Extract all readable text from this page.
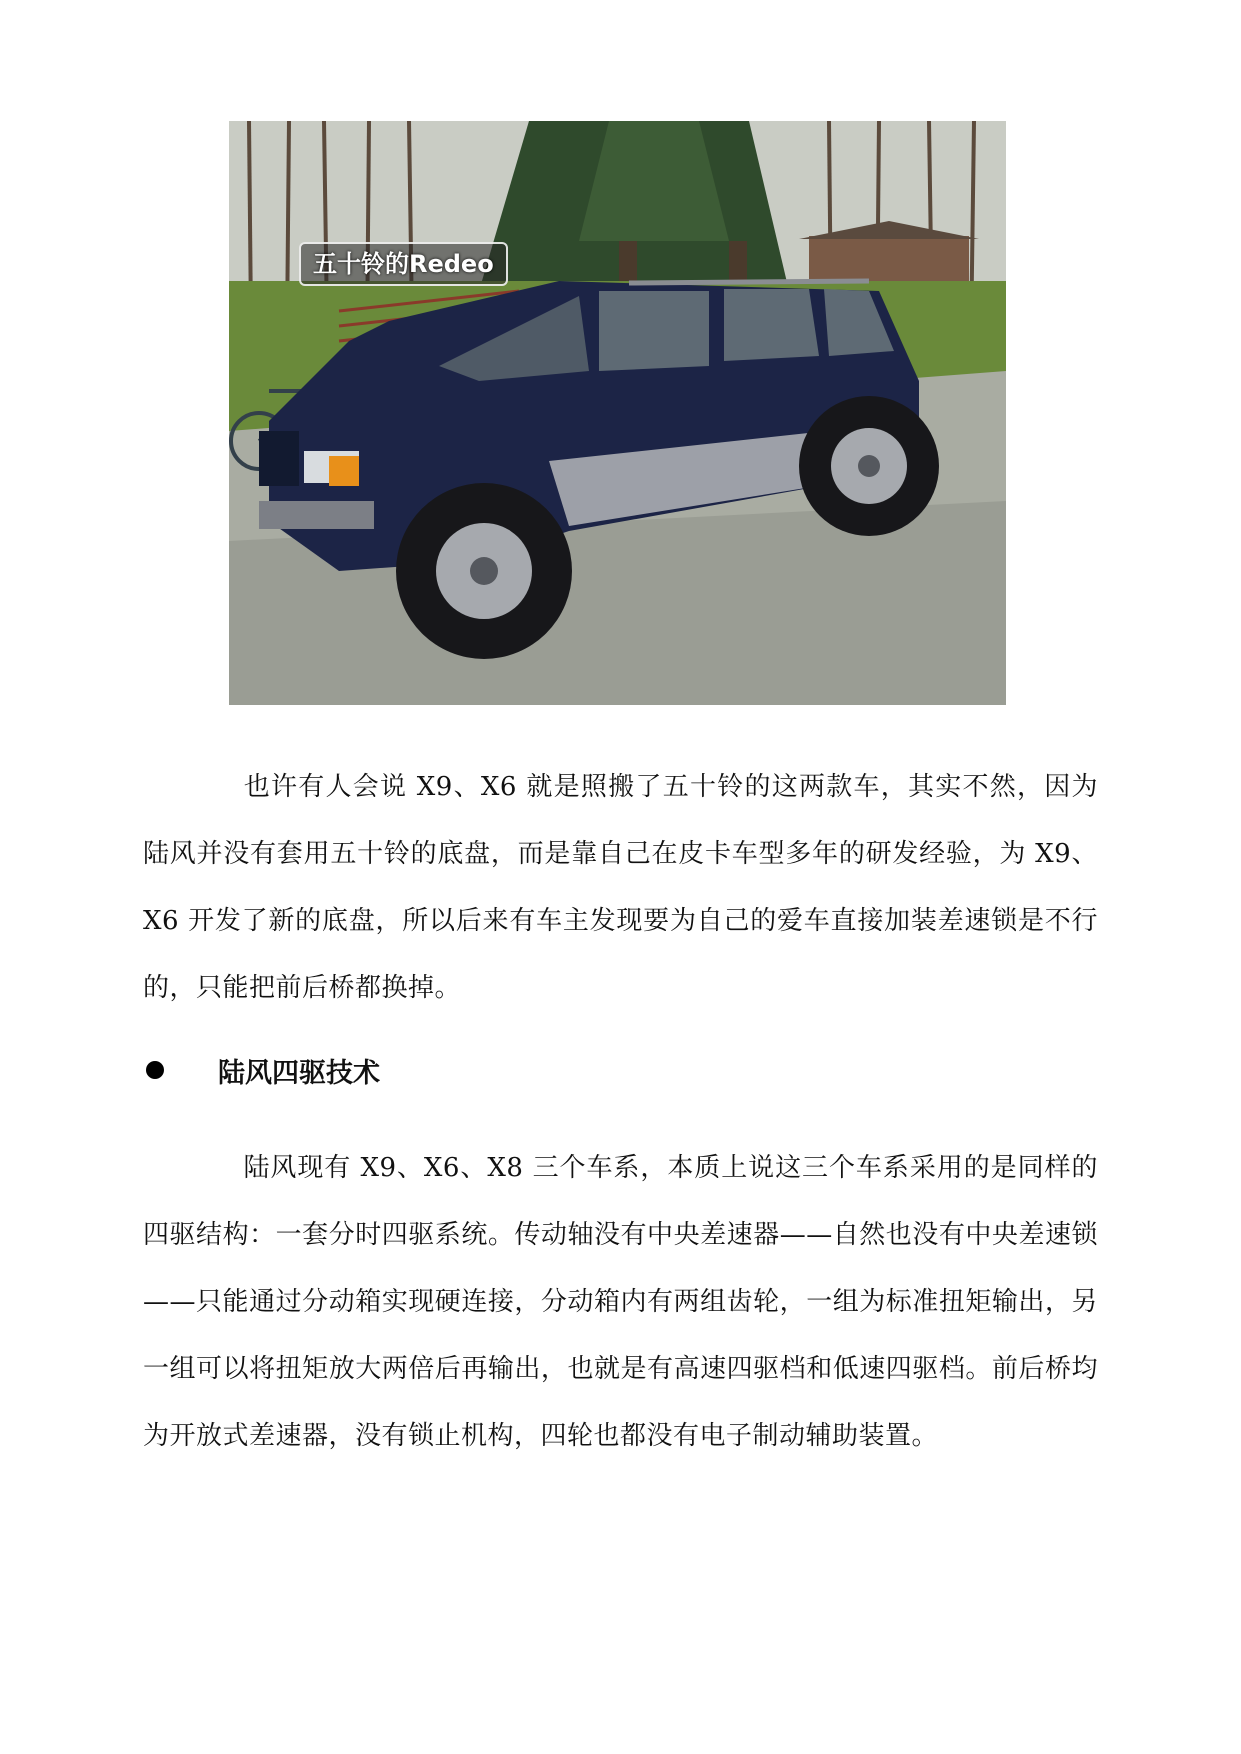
五十铃的Redeo

也许有人会说 X9、X6 就是照搬了五十铃的这两款车，其实不然，因为陆风并没有套用五十铃的底盘，而是靠自己在皮卡车型多年的研发经验，为 X9、X6 开发了新的底盘，所以后来有车主发现要为自己的爱车直接加装差速锁是不行的，只能把前后桥都换掉。

陆风四驱技术

陆风现有 X9、X6、X8 三个车系，本质上说这三个车系采用的是同样的四驱结构：一套分时四驱系统。传动轴没有中央差速器——自然也没有中央差速锁——只能通过分动箱实现硬连接，分动箱内有两组齿轮，一组为标准扭矩输出，另一组可以将扭矩放大两倍后再输出，也就是有高速四驱档和低速四驱档。前后桥均为开放式差速器，没有锁止机构，四轮也都没有电子制动辅助装置。
